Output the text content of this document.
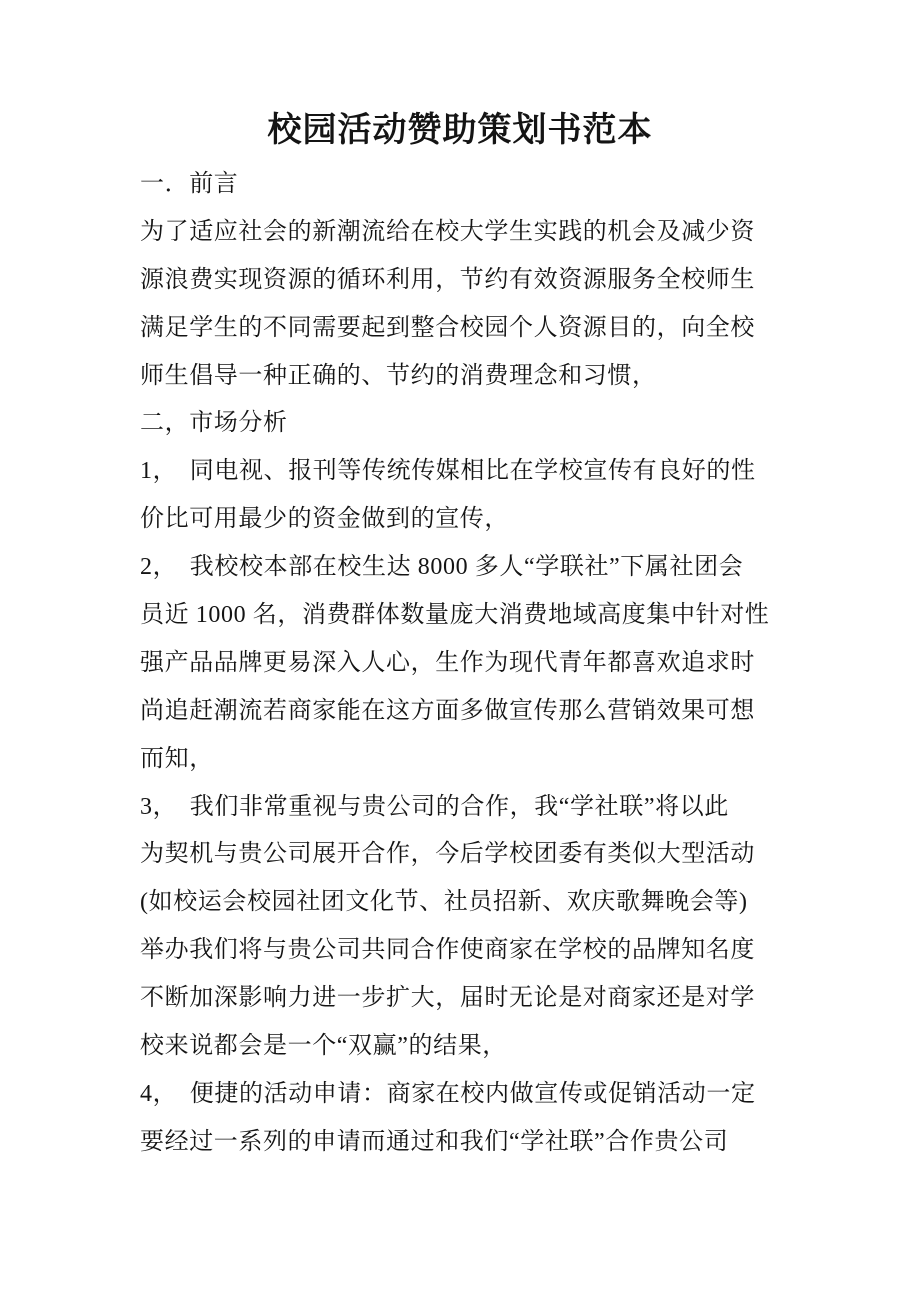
校园活动赞助策划书范本
一．前言
为了适应社会的新潮流给在校大学生实践的机会及减少资
源浪费实现资源的循环利用，节约有效资源服务全校师生
满足学生的不同需要起到整合校园个人资源目的，向全校
师生倡导一种正确的、节约的消费理念和习惯，
二，市场分析
1，　同电视、报刊等传统传媒相比在学校宣传有良好的性
价比可用最少的资金做到的宣传，
2，　我校校本部在校生达 8000 多人“学联社”下属社团会
员近 1000 名，消费群体数量庞大消费地域高度集中针对性
强产品品牌更易深入人心，生作为现代青年都喜欢追求时
尚追赶潮流若商家能在这方面多做宣传那么营销效果可想
而知，
3，　我们非常重视与贵公司的合作，我“学社联”将以此
为契机与贵公司展开合作，今后学校团委有类似大型活动
(如校运会校园社团文化节、社员招新、欢庆歌舞晚会等)
举办我们将与贵公司共同合作使商家在学校的品牌知名度
不断加深影响力进一步扩大，届时无论是对商家还是对学
校来说都会是一个“双赢”的结果，
4，　便捷的活动申请：商家在校内做宣传或促销活动一定
要经过一系列的申请而通过和我们“学社联”合作贵公司
